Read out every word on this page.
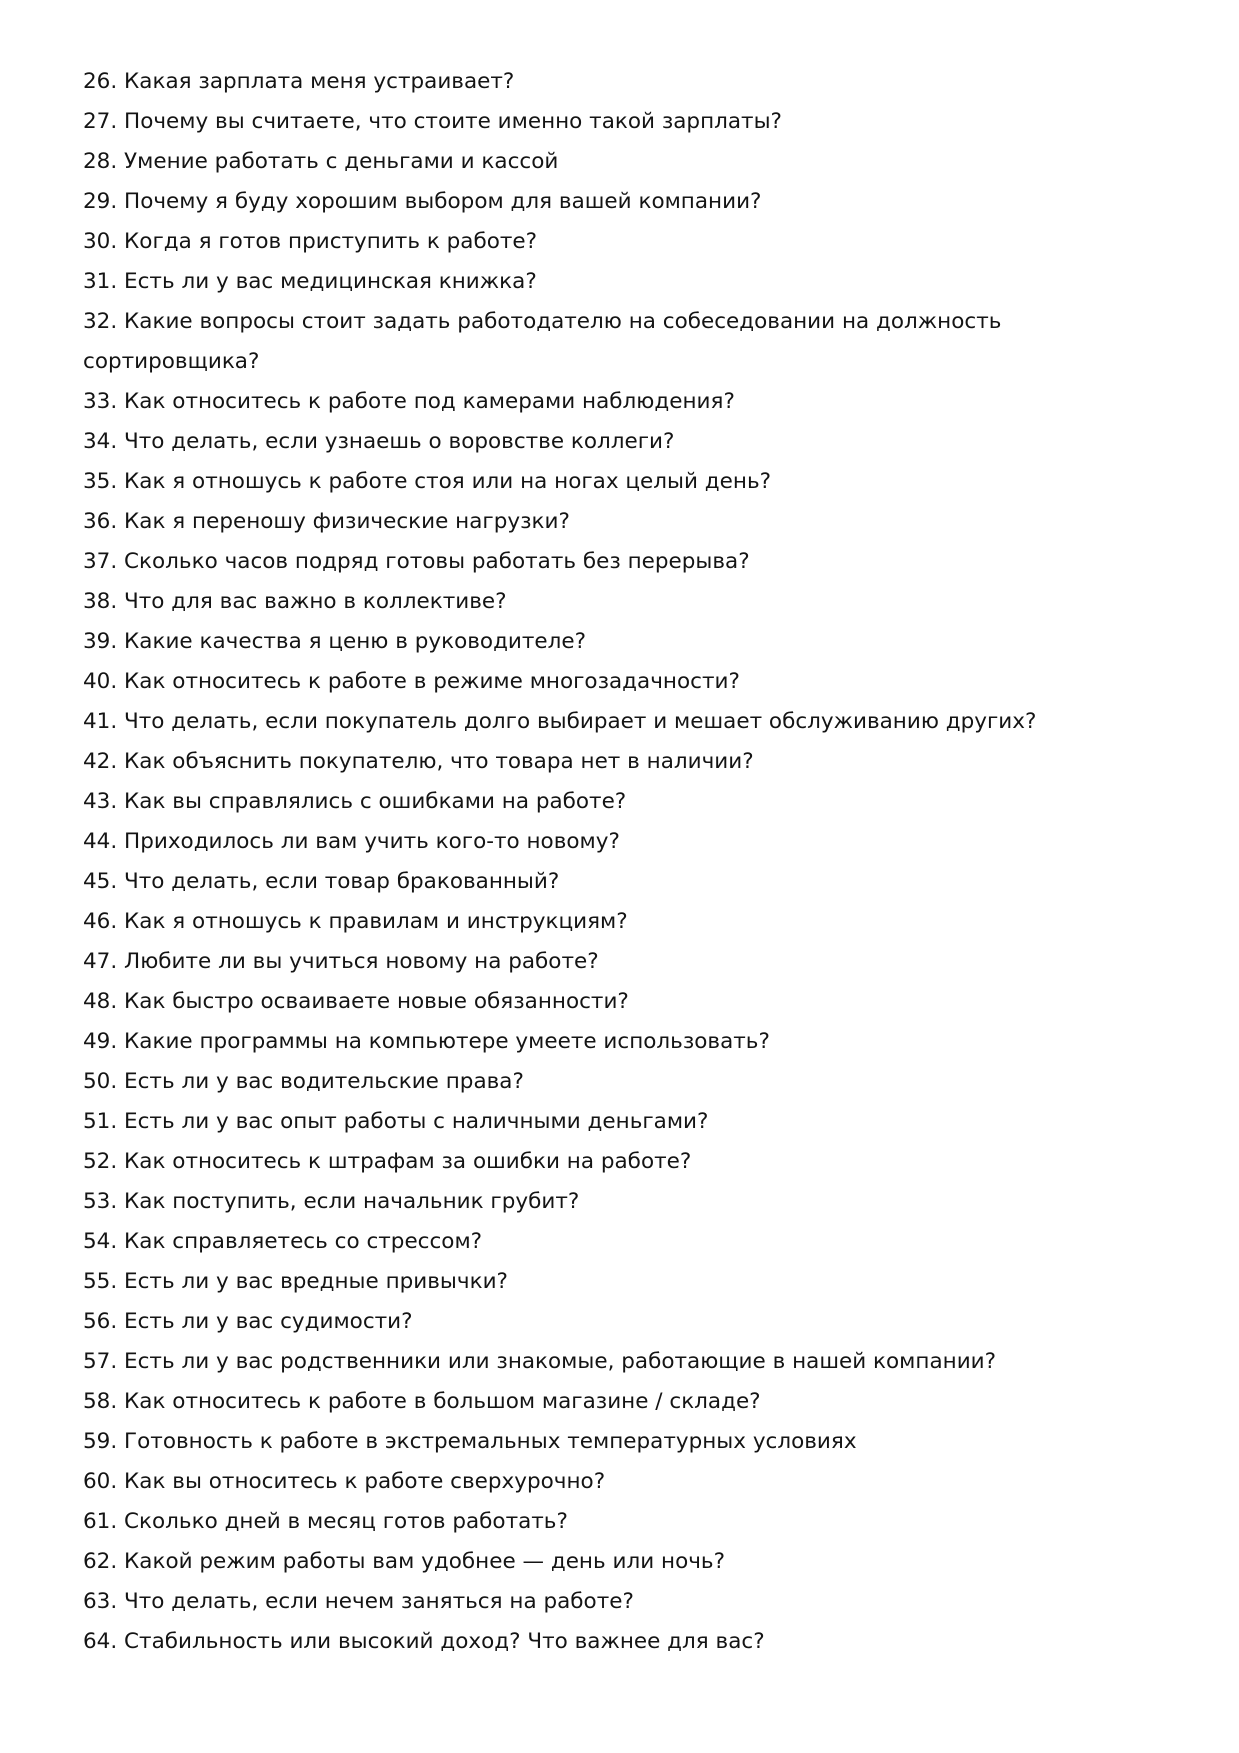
26. Какая зарплата меня устраивает?
27. Почему вы считаете, что стоите именно такой зарплаты?
28. Умение работать с деньгами и кассой
29. Почему я буду хорошим выбором для вашей компании?
30. Когда я готов приступить к работе?
31. Есть ли у вас медицинская книжка?
32. Какие вопросы стоит задать работодателю на собеседовании на должность сортировщика?
33. Как относитесь к работе под камерами наблюдения?
34. Что делать, если узнаешь о воровстве коллеги?
35. Как я отношусь к работе стоя или на ногах целый день?
36. Как я переношу физические нагрузки?
37. Сколько часов подряд готовы работать без перерыва?
38. Что для вас важно в коллективе?
39. Какие качества я ценю в руководителе?
40. Как относитесь к работе в режиме многозадачности?
41. Что делать, если покупатель долго выбирает и мешает обслуживанию других?
42. Как объяснить покупателю, что товара нет в наличии?
43. Как вы справлялись с ошибками на работе?
44. Приходилось ли вам учить кого-то новому?
45. Что делать, если товар бракованный?
46. Как я отношусь к правилам и инструкциям?
47. Любите ли вы учиться новому на работе?
48. Как быстро осваиваете новые обязанности?
49. Какие программы на компьютере умеете использовать?
50. Есть ли у вас водительские права?
51. Есть ли у вас опыт работы с наличными деньгами?
52. Как относитесь к штрафам за ошибки на работе?
53. Как поступить, если начальник грубит?
54. Как справляетесь со стрессом?
55. Есть ли у вас вредные привычки?
56. Есть ли у вас судимости?
57. Есть ли у вас родственники или знакомые, работающие в нашей компании?
58. Как относитесь к работе в большом магазине / складе?
59. Готовность к работе в экстремальных температурных условиях
60. Как вы относитесь к работе сверхурочно?
61. Сколько дней в месяц готов работать?
62. Какой режим работы вам удобнее — день или ночь?
63. Что делать, если нечем заняться на работе?
64. Стабильность или высокий доход? Что важнее для вас?
